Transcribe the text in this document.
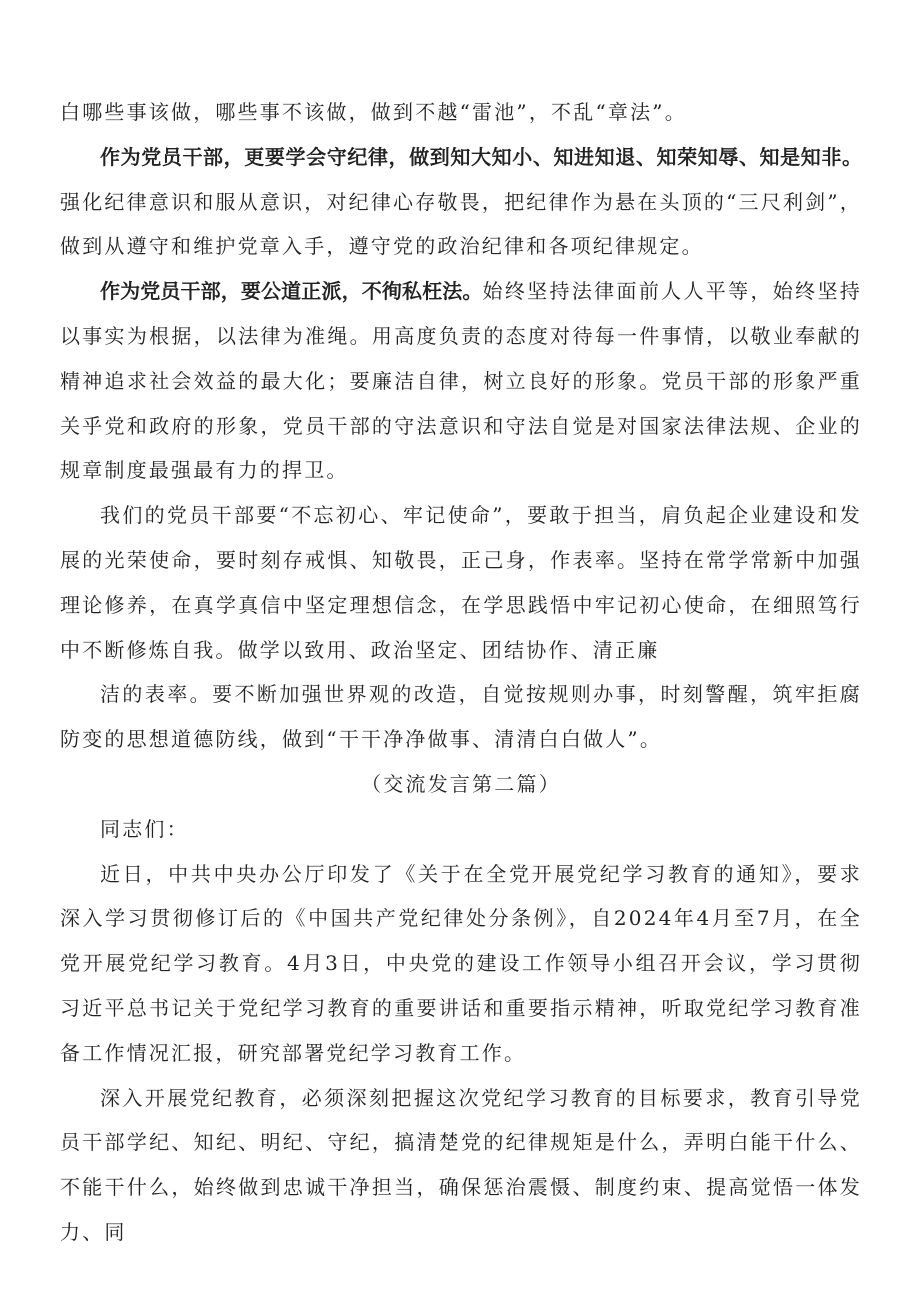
白哪些事该做，哪些事不该做，做到不越“雷池”，不乱“章法”。

作为党员干部，更要学会守纪律，做到知大知小、知进知退、知荣知辱、知是知非。强化纪律意识和服从意识，对纪律心存敬畏，把纪律作为悬在头顶的“三尺利剑”，做到从遵守和维护党章入手，遵守党的政治纪律和各项纪律规定。

作为党员干部，要公道正派，不徇私枉法。始终坚持法律面前人人平等，始终坚持以事实为根据，以法律为准绳。用高度负责的态度对待每一件事情，以敬业奉献的精神追求社会效益的最大化；要廉洁自律，树立良好的形象。党员干部的形象严重关乎党和政府的形象，党员干部的守法意识和守法自觉是对国家法律法规、企业的规章制度最强最有力的捍卫。

我们的党员干部要“不忘初心、牢记使命”，要敢于担当，肩负起企业建设和发展的光荣使命，要时刻存戒惧、知敬畏，正己身，作表率。坚持在常学常新中加强理论修养，在真学真信中坚定理想信念，在学思践悟中牢记初心使命，在细照笃行中不断修炼自我。做学以致用、政治坚定、团结协作、清正廉

洁的表率。要不断加强世界观的改造，自觉按规则办事，时刻警醒，筑牢拒腐防变的思想道德防线，做到“干干净净做事、清清白白做人”。

（交流发言第二篇）

同志们：

近日，中共中央办公厅印发了《关于在全党开展党纪学习教育的通知》，要求深入学习贯彻修订后的《中国共产党纪律处分条例》，自2024年4月至7月，在全党开展党纪学习教育。4月3日，中央党的建设工作领导小组召开会议，学习贯彻习近平总书记关于党纪学习教育的重要讲话和重要指示精神，听取党纪学习教育准备工作情况汇报，研究部署党纪学习教育工作。

深入开展党纪教育，必须深刻把握这次党纪学习教育的目标要求，教育引导党员干部学纪、知纪、明纪、守纪，搞清楚党的纪律规矩是什么，弄明白能干什么、不能干什么，始终做到忠诚干净担当，确保惩治震慑、制度约束、提高觉悟一体发力、同
